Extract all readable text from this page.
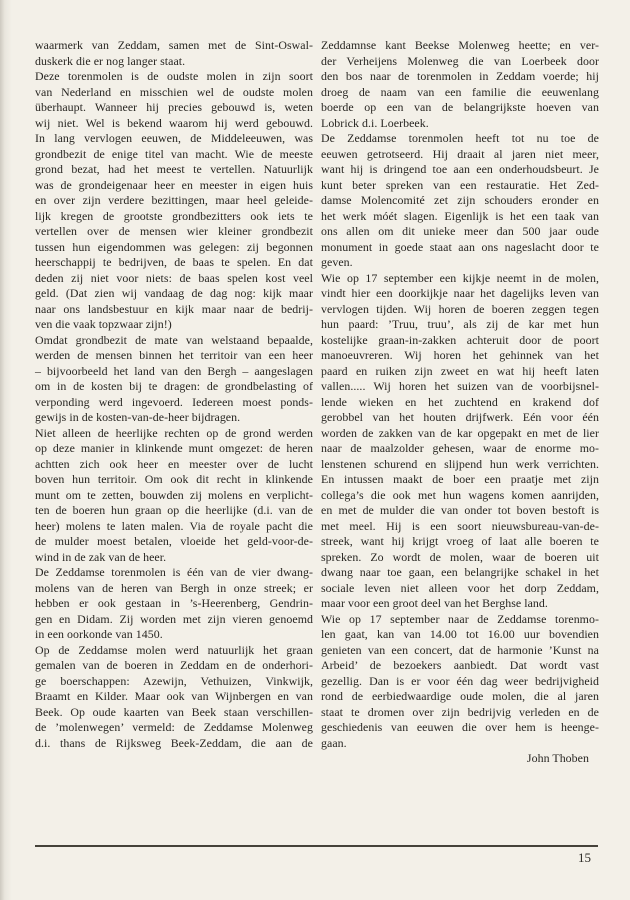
waarmerk van Zeddam, samen met de Sint-Oswal-
duskerk die er nog langer staat.
Deze torenmolen is de oudste molen in zijn soort
van Nederland en misschien wel de oudste molen
überhaupt. Wanneer hij precies gebouwd is, weten
wij niet. Wel is bekend waarom hij werd gebouwd.
In lang vervlogen eeuwen, de Middeleeuwen, was
grondbezit de enige titel van macht. Wie de meeste
grond bezat, had het meest te vertellen. Natuurlijk
was de grondeigenaar heer en meester in eigen huis
en over zijn verdere bezittingen, maar heel geleide-
lijk kregen de grootste grondbezitters ook iets te
vertellen over de mensen wier kleiner grondbezit
tussen hun eigendommen was gelegen: zij begonnen
heerschappij te bedrijven, de baas te spelen. En dat
deden zij niet voor niets: de baas spelen kost veel
geld. (Dat zien wij vandaag de dag nog: kijk maar
naar ons landsbestuur en kijk maar naar de bedrij-
ven die vaak topzwaar zijn!)
Omdat grondbezit de mate van welstaand bepaalde,
werden de mensen binnen het territoir van een heer
– bijvoorbeeld het land van den Bergh – aangeslagen
om in de kosten bij te dragen: de grondbelasting of
verponding werd ingevoerd. Iedereen moest ponds-
gewijs in de kosten-van-de-heer bijdragen.
Niet alleen de heerlijke rechten op de grond werden
op deze manier in klinkende munt omgezet: de heren
achtten zich ook heer en meester over de lucht
boven hun territoir. Om ook dit recht in klinkende
munt om te zetten, bouwden zij molens en verplicht-
ten de boeren hun graan op die heerlijke (d.i. van de
heer) molens te laten malen. Via de royale pacht die
de mulder moest betalen, vloeide het geld-voor-de-
wind in de zak van de heer.
De Zeddamse torenmolen is één van de vier dwang-
molens van de heren van Bergh in onze streek; er
hebben er ook gestaan in ’s-Heerenberg, Gendrin-
gen en Didam. Zij worden met zijn vieren genoemd
in een oorkonde van 1450.
Op de Zeddamse molen werd natuurlijk het graan
gemalen van de boeren in Zeddam en de onderhori-
ge boerschappen: Azewijn, Vethuizen, Vinkwijk,
Braamt en Kilder. Maar ook van Wijnbergen en van
Beek. Op oude kaarten van Beek staan verschillen-
de ’molenwegen’ vermeld: de Zeddamse Molenweg
d.i. thans de Rijksweg Beek-Zeddam, die aan de
Zeddamnse kant Beekse Molenweg heette; en ver-
der Verheijens Molenweg die van Loerbeek door
den bos naar de torenmolen in Zeddam voerde; hij
droeg de naam van een familie die eeuwenlang
boerde op een van de belangrijkste hoeven van
Lobrick d.i. Loerbeek.
De Zeddamse torenmolen heeft tot nu toe de
eeuwen getrotseerd. Hij draait al jaren niet meer,
want hij is dringend toe aan een onderhoudsbeurt. Je
kunt beter spreken van een restauratie. Het Zed-
damse Molencomité zet zijn schouders eronder en
het werk móét slagen. Eigenlijk is het een taak van
ons allen om dit unieke meer dan 500 jaar oude
monument in goede staat aan ons nageslacht door te
geven.
Wie op 17 september een kijkje neemt in de molen,
vindt hier een doorkijkje naar het dagelijks leven van
vervlogen tijden. Wij horen de boeren zeggen tegen
hun paard: ’Truu, truu’, als zij de kar met hun
kostelijke graan-in-zakken achteruit door de poort
manoeuvreren. Wij horen het gehinnek van het
paard en ruiken zijn zweet en wat hij heeft laten
vallen..... Wij horen het suizen van de voorbijsnel-
lende wieken en het zuchtend en krakend dof
gerobbel van het houten drijfwerk. Eén voor één
worden de zakken van de kar opgepakt en met de lier
naar de maalzolder gehesen, waar de enorme mo-
lenstenen schurend en slijpend hun werk verrichten.
En intussen maakt de boer een praatje met zijn
collega’s die ook met hun wagens komen aanrijden,
en met de mulder die van onder tot boven bestoft is
met meel. Hij is een soort nieuwsbureau-van-de-
streek, want hij krijgt vroeg of laat alle boeren te
spreken. Zo wordt de molen, waar de boeren uit
dwang naar toe gaan, een belangrijke schakel in het
sociale leven niet alleen voor het dorp Zeddam,
maar voor een groot deel van het Berghse land.
Wie op 17 september naar de Zeddamse torenmo-
len gaat, kan van 14.00 tot 16.00 uur bovendien
genieten van een concert, dat de harmonie ’Kunst na
Arbeid’ de bezoekers aanbiedt. Dat wordt vast
gezellig. Dan is er voor één dag weer bedrijvigheid
rond de eerbiedwaardige oude molen, die al jaren
staat te dromen over zijn bedrijvig verleden en de
geschiedenis van eeuwen die over hem is heenge-
gaan.
John Thoben
15
